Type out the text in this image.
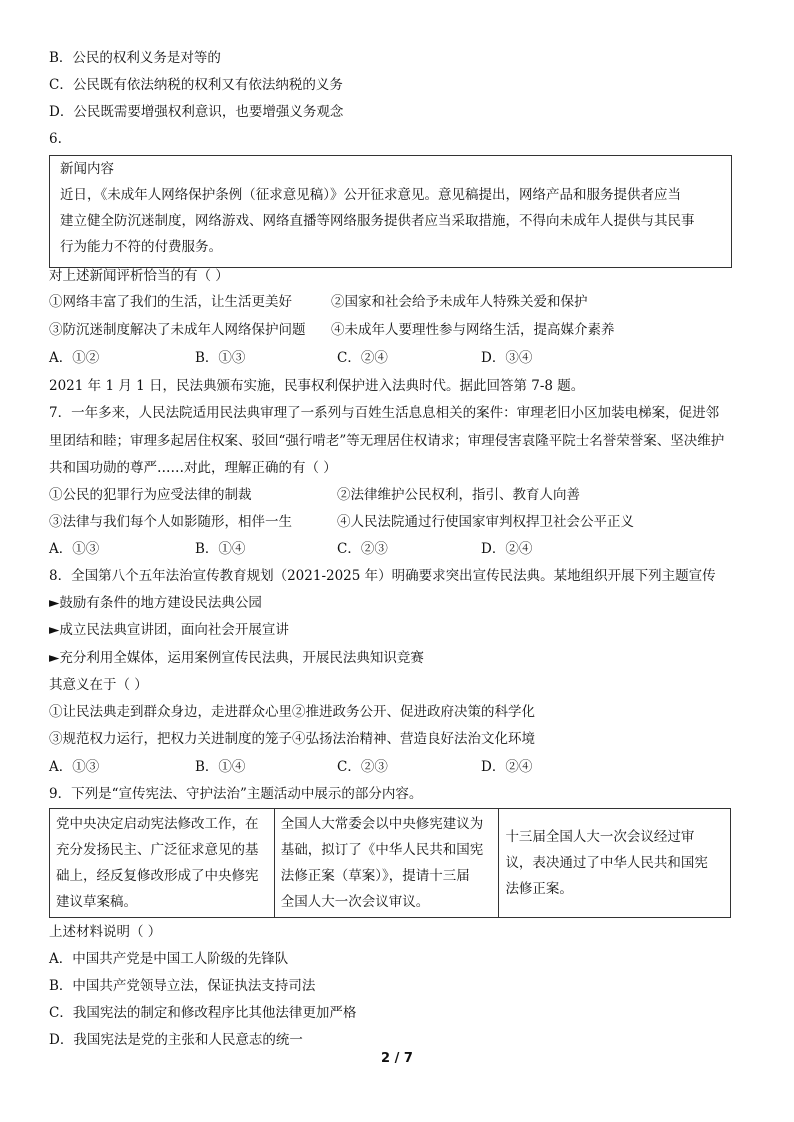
B．公民的权利义务是对等的
C．公民既有依法纳税的权利又有依法纳税的义务
D．公民既需要增强权利意识，也要增强义务观念
6.
新闻内容
近日，《未成年人网络保护条例（征求意见稿）》公开征求意见。意见稿提出，网络产品和服务提供者应当
建立健全防沉迷制度，网络游戏、网络直播等网络服务提供者应当采取措施，不得向未成年人提供与其民事
行为能力不符的付费服务。
对上述新闻评析恰当的有（ ）
①网络丰富了我们的生活，让生活更美好	②国家和社会给予未成年人特殊关爱和保护
③防沉迷制度解决了未成年人网络保护问题 ④未成年人要理性参与网络生活，提高媒介素养
A．①②	B．①③	C．②④	D．③④
2021 年 1 月 1 日，民法典颁布实施，民事权利保护进入法典时代。据此回答第 7-8 题。
7．一年多来，人民法院适用民法典审理了一系列与百姓生活息息相关的案件：审理老旧小区加装电梯案，促进邻
里团结和睦；审理多起居住权案、驳回“强行啃老”等无理居住权请求；审理侵害袁隆平院士名誉荣誉案、坚决维护
共和国功勋的尊严……对此，理解正确的有（ ）
①公民的犯罪行为应受法律的制裁	②法律维护公民权利，指引、教育人向善
③法律与我们每个人如影随形，相伴一生	④人民法院通过行使国家审判权捍卫社会公平正义
A．①③	B．①④	C．②③	D．②④
8．全国第八个五年法治宣传教育规划（2021-2025 年）明确要求突出宣传民法典。某地组织开展下列主题宣传
►鼓励有条件的地方建设民法典公园
►成立民法典宣讲团，面向社会开展宣讲
►充分利用全媒体，运用案例宣传民法典，开展民法典知识竞赛
其意义在于（ ）
①让民法典走到群众身边，走进群众心里②推进政务公开、促进政府决策的科学化
③规范权力运行，把权力关进制度的笼子④弘扬法治精神、营造良好法治文化环境
A．①③	B．①④	C．②③	D．②④
9．下列是“宣传宪法、守护法治”主题活动中展示的部分内容。
党中央决定启动宪法修改工作，在
充分发扬民主、广泛征求意见的基
础上，经反复修改形成了中央修宪
建议草案稿。

全国人大常委会以中央修宪建议为
基础，拟订了《中华人民共和国宪
法修正案（草案）》，提请十三届
全国人大一次会议审议。

十三届全国人大一次会议经过审
议，表决通过了中华人民共和国宪
法修正案。
上述材料说明（ ）
A．中国共产党是中国工人阶级的先锋队
B．中国共产党领导立法，保证执法支持司法
C．我国宪法的制定和修改程序比其他法律更加严格
D．我国宪法是党的主张和人民意志的统一
2 / 7
